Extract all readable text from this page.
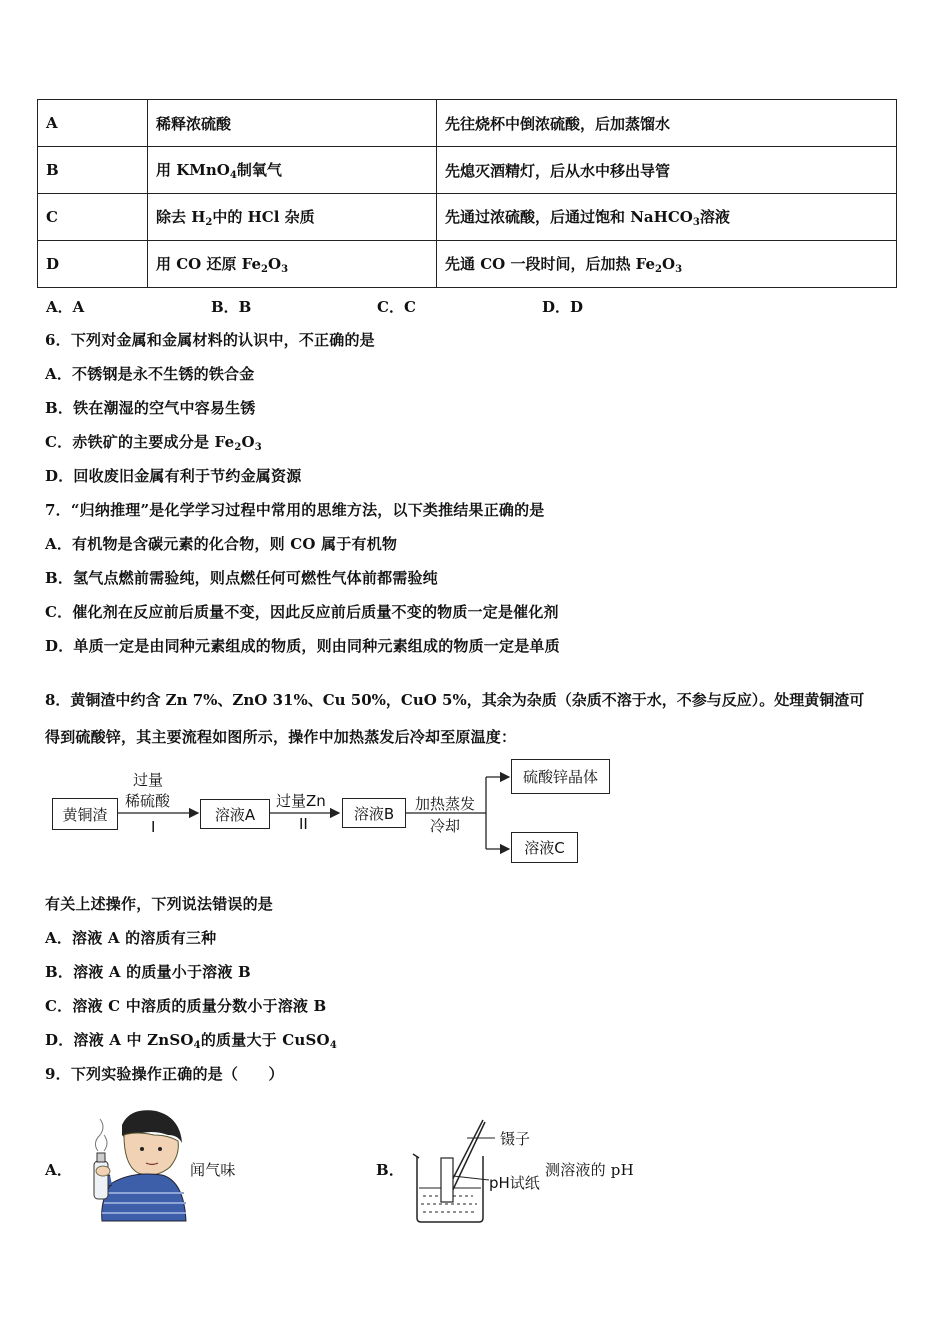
A	稀释浓硫酸	先往烧杯中倒浓硫酸，后加蒸馏水
B	用 KMnO$_4$制氧气	先熄灭酒精灯，后从水中移出导管
C	除去 $H_2$中的 HCl 杂质	先通过浓硫酸，后通过饱和 NaHCO$_3$溶液
D	用 CO 还原 $Fe_2O_3$	先通 CO 一段时间，后加热 $Fe_2O_3$
A．A	B．B	C．C	D．D
6．下列对金属和金属材料的认识中，不正确的是
A．不锈钢是永不生锈的铁合金
B．铁在潮湿的空气中容易生锈
C．赤铁矿的主要成分是 $Fe_2O_3$
D．回收废旧金属有利于节约金属资源
7．“归纳推理”是化学学习过程中常用的思维方法，以下类推结果正确的是
A．有机物是含碳元素的化合物，则 CO 属于有机物
B．氢气点燃前需验纯，则点燃任何可燃性气体前都需验纯
C．催化剂在反应前后质量不变，因此反应前后质量不变的物质一定是催化剂
D．单质一定是由同种元素组成的物质，则由同种元素组成的物质一定是单质
8．黄铜渣中约含 Zn 7%、ZnO 31%、Cu 50%，CuO 5%，其余为杂质（杂质不溶于水，不参与反应）。处理黄铜渣可
得到硫酸锌，其主要流程如图所示，操作中加热蒸发后冷却至原温度：
黄铜渣
过量
稀硫酸
I
溶液A
过量Zn
II
溶液B
加热蒸发
冷却
硫酸锌晶体
溶液C
有关上述操作，下列说法错误的是
A．溶液 A 的溶质有三种
B．溶液 A 的质量小于溶液 B
C．溶液 C 中溶质的质量分数小于溶液 B
D．溶液 A 中 ZnSO$_4$的质量大于 CuSO$_4$
9．下列实验操作正确的是（　　）
A．	闻气味	B．
镊子
pH试纸
测溶液的 pH
